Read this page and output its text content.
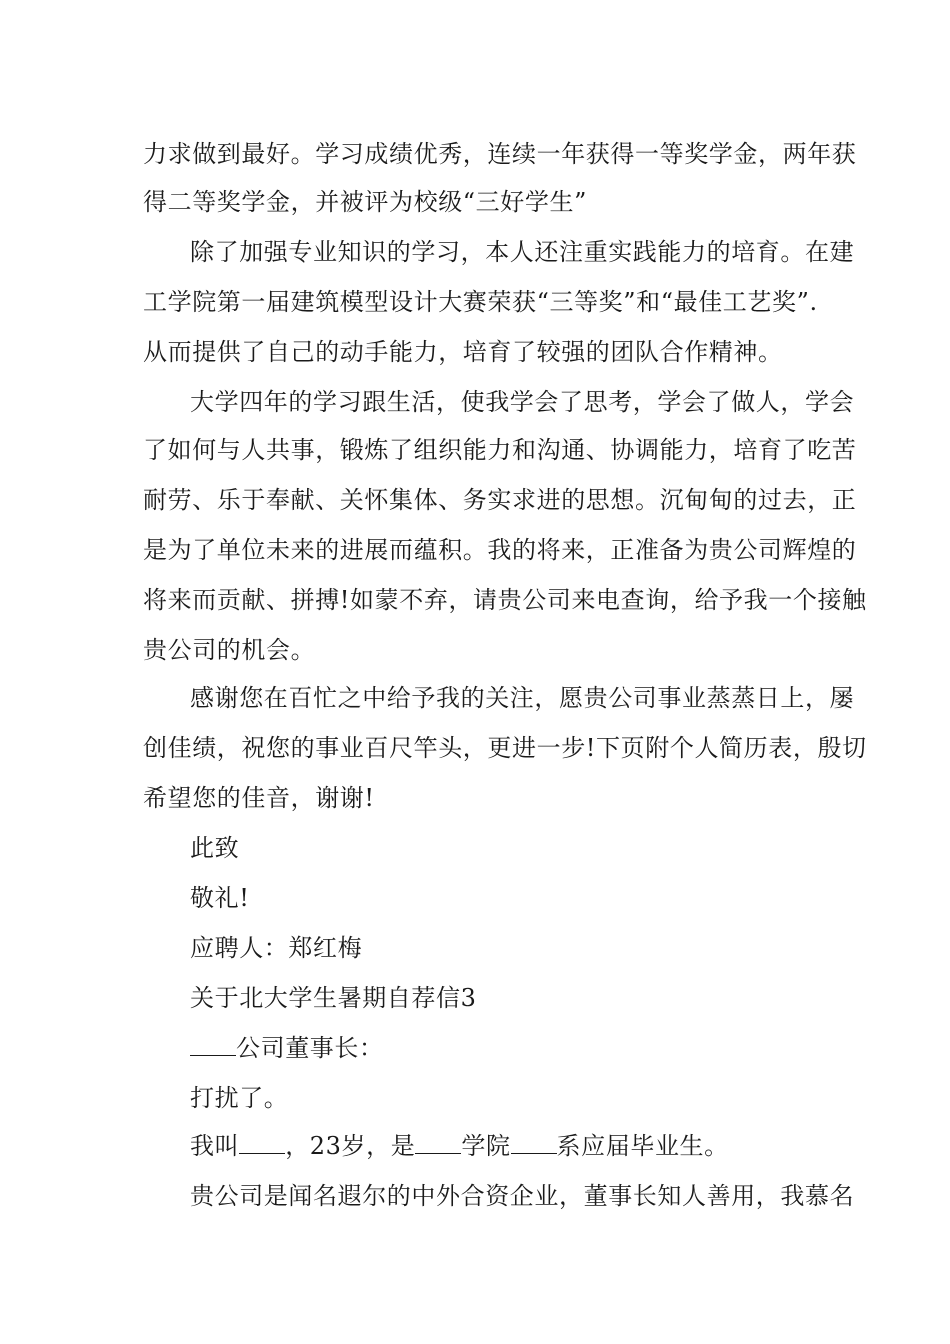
力求做到最好。学习成绩优秀，连续一年获得一等奖学金，两年获
得二等奖学金，并被评为校级“三好学生”
除了加强专业知识的学习，本人还注重实践能力的培育。在建
工学院第一届建筑模型设计大赛荣获“三等奖”和“最佳工艺奖”.
从而提供了自己的动手能力，培育了较强的团队合作精神。
大学四年的学习跟生活，使我学会了思考，学会了做人，学会
了如何与人共事，锻炼了组织能力和沟通、协调能力，培育了吃苦
耐劳、乐于奉献、关怀集体、务实求进的思想。沉甸甸的过去，正
是为了单位未来的进展而蕴积。我的将来，正准备为贵公司辉煌的
将来而贡献、拼搏!如蒙不弃，请贵公司来电查询，给予我一个接触
贵公司的机会。
感谢您在百忙之中给予我的关注，愿贵公司事业蒸蒸日上，屡
创佳绩，祝您的事业百尺竿头，更进一步!下页附个人简历表，殷切
希望您的佳音，谢谢!
此致
敬礼!
应聘人：郑红梅
关于北大学生暑期自荐信3
公司董事长：
打扰了。
我叫 ，23岁，是 学院 系应届毕业生。
贵公司是闻名遐尔的中外合资企业，董事长知人善用，我慕名
